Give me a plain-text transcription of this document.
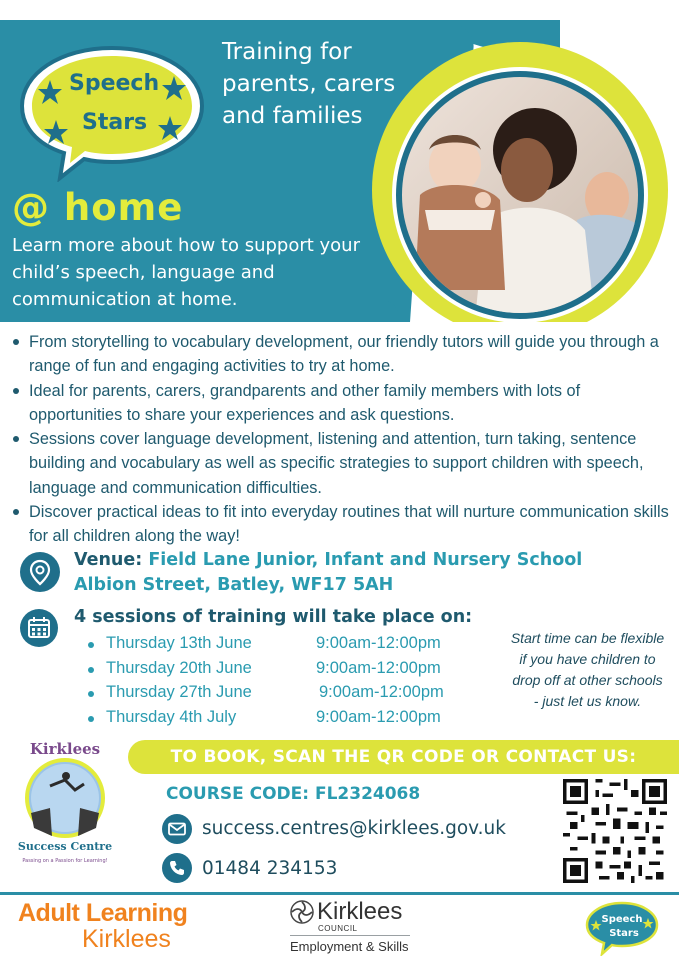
Speech
Stars
Training for parents, carers and families
@ home
Learn more about how to support your child’s speech, language and communication at home.
From storytelling to vocabulary development, our friendly tutors will guide you through a range of fun and engaging activities to try at home.
Ideal for parents, carers, grandparents and other family members with lots of opportunities to share your experiences and ask questions.
Sessions cover language development, listening and attention, turn taking, sentence building and vocabulary as well as specific strategies to support children with speech, language and communication difficulties.
Discover practical ideas to fit into everyday routines that will nurture communication skills for all children along the way!
Venue: Field Lane Junior, Infant and Nursery School
Albion Street, Batley, WF17 5AH
4 sessions of training will take place on:
Thursday 13th June	9:00am-12:00pm
Thursday 20th June	9:00am-12:00pm
Thursday 27th June	9:00am-12:00pm
Thursday 4th July	9:00am-12:00pm
Start time can be flexible if you have children to drop off at other schools - just let us know.
TO BOOK, SCAN THE QR CODE OR CONTACT US:
Kirklees
Success Centre
Passing on a Passion for Learning!
COURSE CODE: FL2324068
success.centres@kirklees.gov.uk
01484 234153
Adult Learning
Kirklees
Kirklees
COUNCIL
Employment & Skills
Speech
Stars
